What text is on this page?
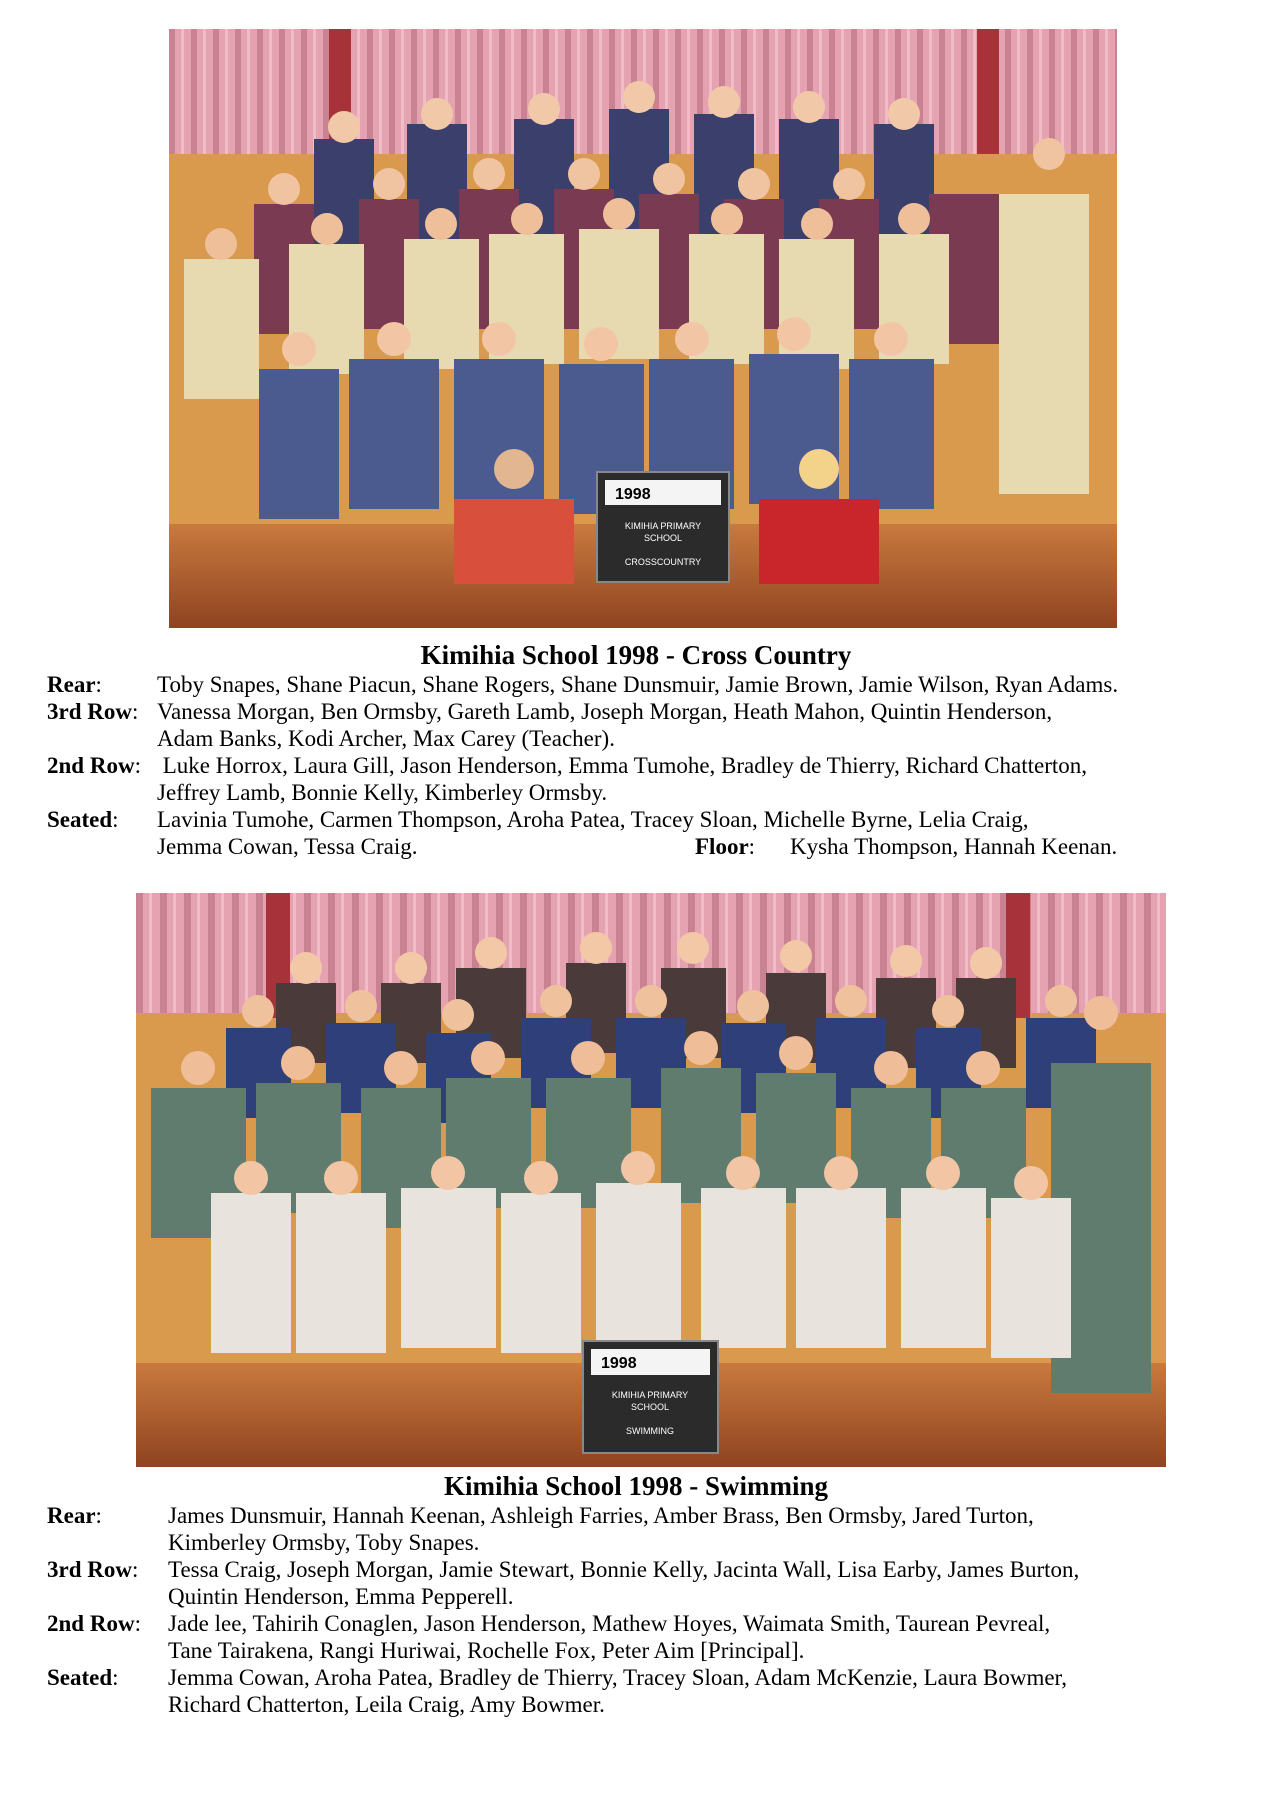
1998
KIMIHIA PRIMARY
SCHOOL
CROSSCOUNTRY
Kimihia School 1998 - Cross Country
Rear:	Toby Snapes, Shane Piacun, Shane Rogers, Shane Dunsmuir, Jamie Brown, Jamie Wilson, Ryan Adams.
3rd Row: Vanessa Morgan, Ben Ormsby, Gareth Lamb, Joseph Morgan, Heath Mahon, Quintin Henderson,
Adam Banks, Kodi Archer, Max Carey (Teacher).
2nd Row: Luke Horrox, Laura Gill, Jason Henderson, Emma Tumohe, Bradley de Thierry, Richard Chatterton,
Jeffrey Lamb, Bonnie Kelly, Kimberley Ormsby.
Seated:	Lavinia Tumohe, Carmen Thompson, Aroha Patea, Tracey Sloan, Michelle Byrne, Lelia Craig,
Jemma Cowan, Tessa Craig.	Floor: Kysha Thompson, Hannah Keenan.
1998
KIMIHIA PRIMARY
SCHOOL
SWIMMING
Kimihia School 1998 - Swimming
Rear:	James Dunsmuir, Hannah Keenan, Ashleigh Farries, Amber Brass, Ben Ormsby, Jared Turton,
Kimberley Ormsby, Toby Snapes.
3rd Row:	Tessa Craig, Joseph Morgan, Jamie Stewart, Bonnie Kelly, Jacinta Wall, Lisa Earby, James Burton,
Quintin Henderson, Emma Pepperell.
2nd Row:	Jade lee, Tahirih Conaglen, Jason Henderson, Mathew Hoyes, Waimata Smith, Taurean Pevreal,
Tane Tairakena, Rangi Huriwai, Rochelle Fox, Peter Aim [Principal].
Seated:	Jemma Cowan, Aroha Patea, Bradley de Thierry, Tracey Sloan, Adam McKenzie, Laura Bowmer,
Richard Chatterton, Leila Craig, Amy Bowmer.
